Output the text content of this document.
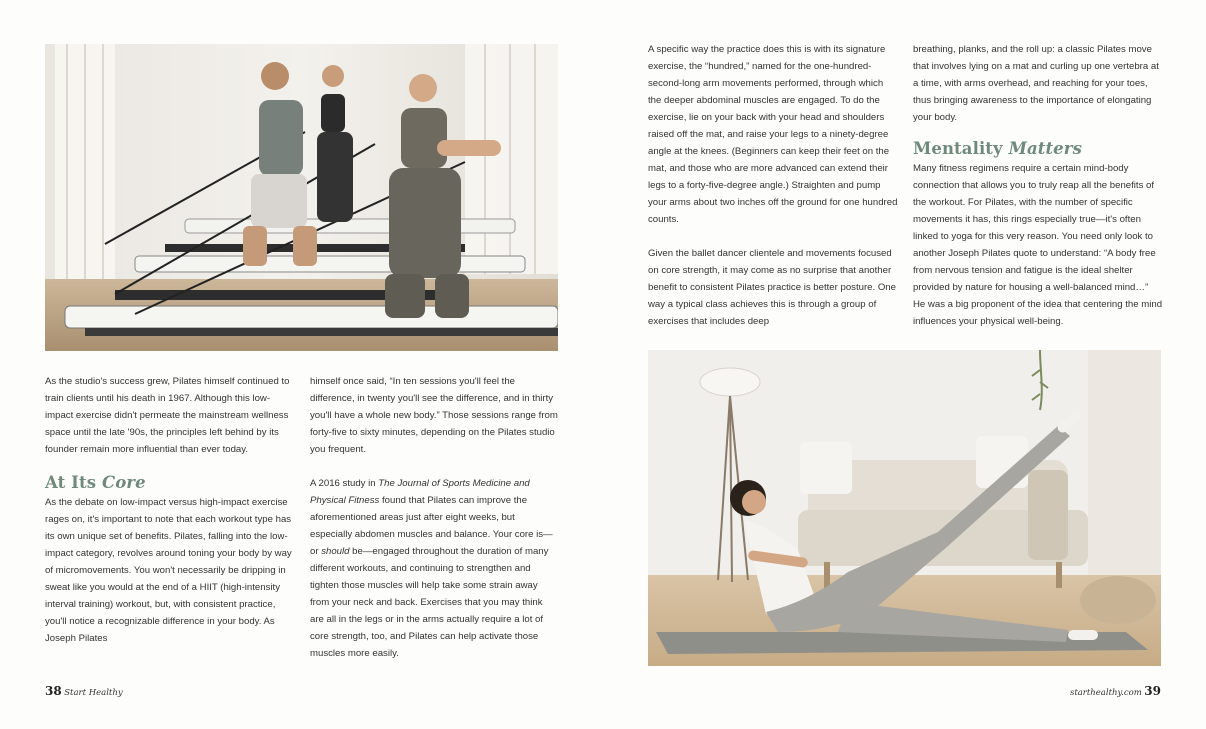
As the studio's success grew, Pilates himself continued to train clients until his death in 1967. Although this low-impact exercise didn't permeate the mainstream wellness space until the late '90s, the principles left behind by its founder remain more influential than ever today.

At Its Core

As the debate on low-impact versus high-impact exercise rages on, it's important to note that each workout type has its own unique set of benefits. Pilates, falling into the low-impact category, revolves around toning your body by way of micromovements. You won't necessarily be dripping in sweat like you would at the end of a HIIT (high-intensity interval training) workout, but, with consistent practice, you'll notice a recognizable difference in your body. As Joseph Pilates

himself once said, “In ten sessions you'll feel the difference, in twenty you'll see the difference, and in thirty you'll have a whole new body.” Those sessions range from forty-five to sixty minutes, depending on the Pilates studio you frequent.

A 2016 study in The Journal of Sports Medicine and Physical Fitness found that Pilates can improve the aforementioned areas just after eight weeks, but especially abdomen muscles and balance. Your core is—or should be—engaged throughout the duration of many different workouts, and continuing to strengthen and tighten those muscles will help take some strain away from your neck and back. Exercises that you may think are all in the legs or in the arms actually require a lot of core strength, too, and Pilates can help activate those muscles more easily.

A specific way the practice does this is with its signature exercise, the “hundred,” named for the one-hundred-second-long arm movements performed, through which the deeper abdominal muscles are engaged. To do the exercise, lie on your back with your head and shoulders raised off the mat, and raise your legs to a ninety-degree angle at the knees. (Beginners can keep their feet on the mat, and those who are more advanced can extend their legs to a forty-five-degree angle.) Straighten and pump your arms about two inches off the ground for one hundred counts.

Given the ballet dancer clientele and movements focused on core strength, it may come as no surprise that another benefit to consistent Pilates practice is better posture. One way a typical class achieves this is through a group of exercises that includes deep

breathing, planks, and the roll up: a classic Pilates move that involves lying on a mat and curling up one vertebra at a time, with arms overhead, and reaching for your toes, thus bringing awareness to the importance of elongating your body.

Mentality Matters

Many fitness regimens require a certain mind-body connection that allows you to truly reap all the benefits of the workout. For Pilates, with the number of specific movements it has, this rings especially true—it's often linked to yoga for this very reason. You need only look to another Joseph Pilates quote to understand: “A body free from nervous tension and fatigue is the ideal shelter provided by nature for housing a well-balanced mind…” He was a big proponent of the idea that centering the mind influences your physical well-being.

38 Start Healthy	starthealthy.com 39
